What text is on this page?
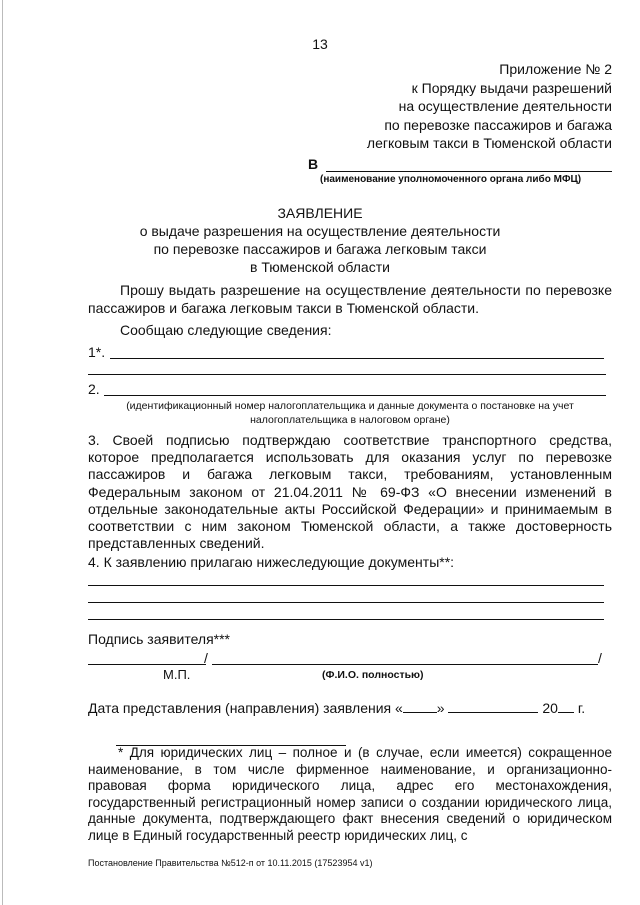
13
Приложение № 2
к Порядку выдачи разрешений
на осуществление деятельности
по перевозке пассажиров и багажа
легковым такси в Тюменской области
В
(наименование уполномоченного органа либо МФЦ)
ЗАЯВЛЕНИЕ
о выдаче разрешения на осуществление деятельности
по перевозке пассажиров и багажа легковым такси
в Тюменской области
Прошу выдать разрешение на осуществление деятельности по перевозке пассажиров и багажа легковым такси в Тюменской области.
Сообщаю следующие сведения:
1*.
2.
(идентификационный номер налогоплательщика и данные документа о постановке на учет налогоплательщика в налоговом органе)
3. Своей подписью подтверждаю соответствие транспортного средства, которое предполагается использовать для оказания услуг по перевозке пассажиров и багажа легковым такси, требованиям, установленным Федеральным законом от 21.04.2011 № 69-ФЗ «О внесении изменений в отдельные законодательные акты Российской Федерации» и принимаемым в соответствии с ним законом Тюменской области, а также достоверность представленных сведений.
4. К заявлению прилагаю нижеследующие документы**:
Подпись заявителя***
/	/
М.П.	(Ф.И.О. полностью)
Дата представления (направления) заявления « »	20 г.
* Для юридических лиц – полное и (в случае, если имеется) сокращенное наименование, в том числе фирменное наименование, и организационно-правовая форма юридического лица, адрес его местонахождения, государственный регистрационный номер записи о создании юридического лица, данные документа, подтверждающего факт внесения сведений о юридическом лице в Единый государственный реестр юридических лиц, с
Постановление Правительства №512-п от 10.11.2015 (17523954 v1)
